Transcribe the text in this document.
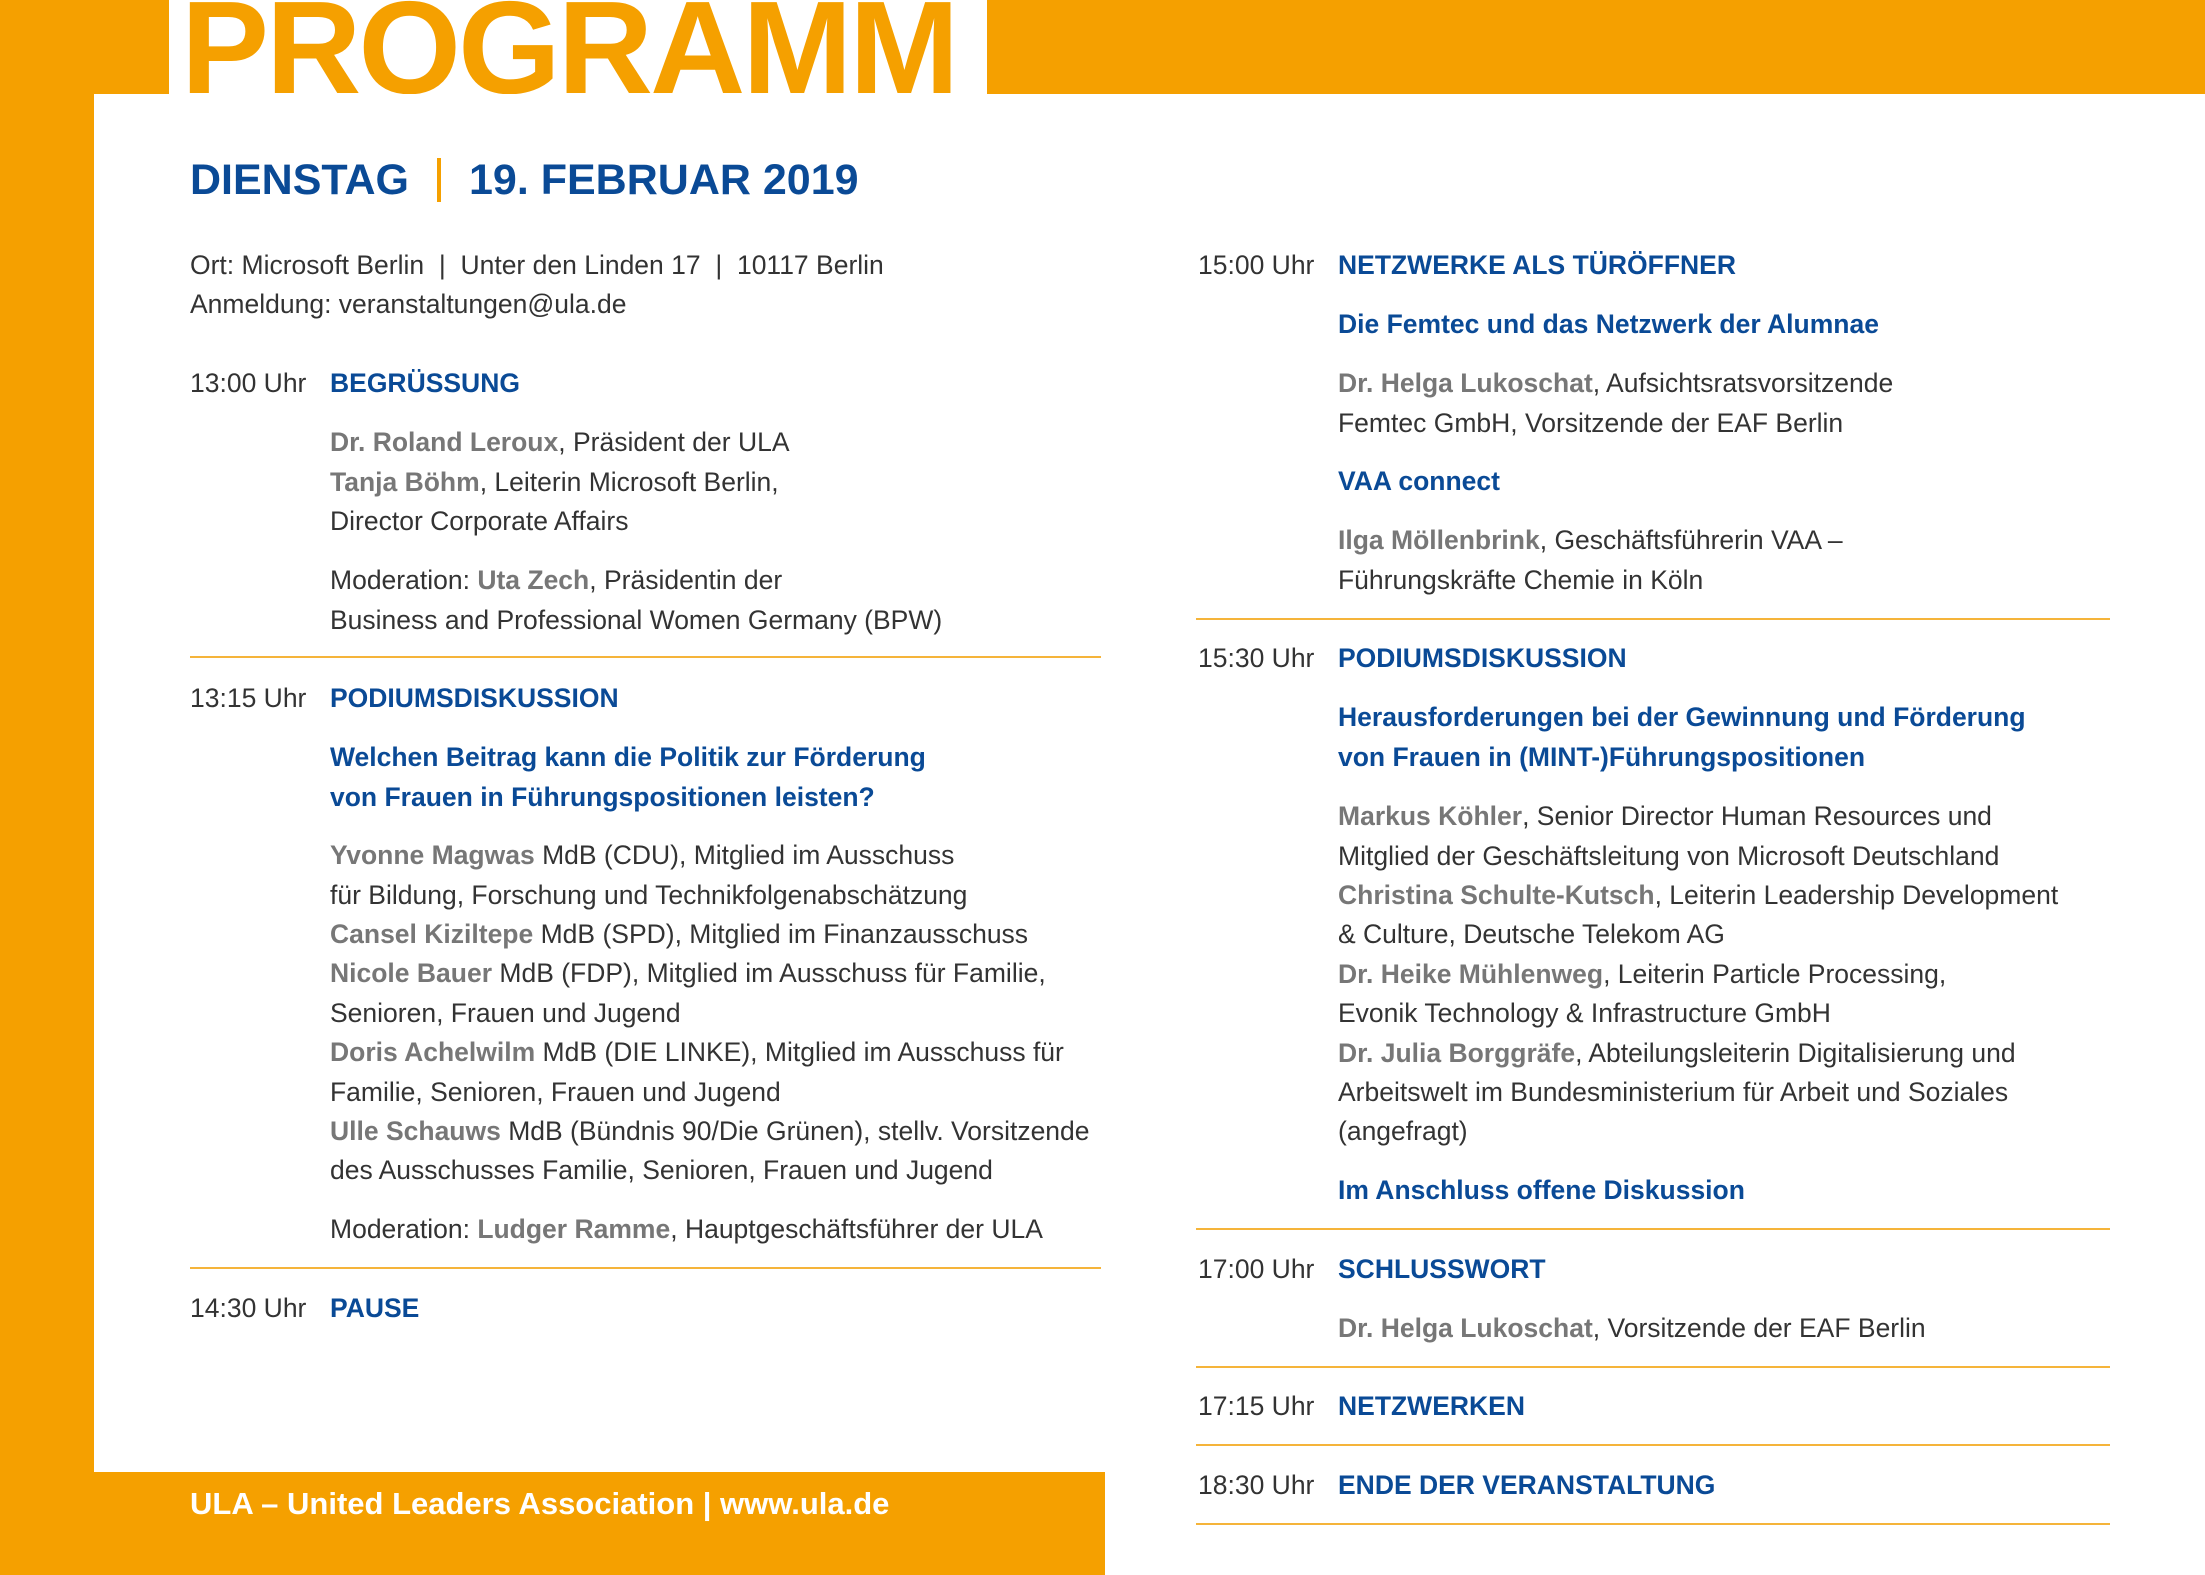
PROGRAMM
DIENSTAG 19. FEBRUAR 2019
Ort: Microsoft Berlin  |  Unter den Linden 17  |  10117 Berlin
Anmeldung: veranstaltungen@ula.de
13:00 Uhr BEGRÜSSUNG
Dr. Roland Leroux, Präsident der ULA
Tanja Böhm, Leiterin Microsoft Berlin,
Director Corporate Affairs
Moderation: Uta Zech, Präsidentin der
Business and Professional Women Germany (BPW)
13:15 Uhr PODIUMSDISKUSSION
Welchen Beitrag kann die Politik zur Förderung
von Frauen in Führungspositionen leisten?
Yvonne Magwas MdB (CDU), Mitglied im Ausschuss
für Bildung, Forschung und Technikfolgenabschätzung
Cansel Kiziltepe MdB (SPD), Mitglied im Finanzausschuss
Nicole Bauer MdB (FDP), Mitglied im Ausschuss für Familie,
Senioren, Frauen und Jugend
Doris Achelwilm MdB (DIE LINKE), Mitglied im Ausschuss für
Familie, Senioren, Frauen und Jugend
Ulle Schauws MdB (Bündnis 90/Die Grünen), stellv. Vorsitzende
des Ausschusses Familie, Senioren, Frauen und Jugend
Moderation: Ludger Ramme, Hauptgeschäftsführer der ULA
14:30 Uhr PAUSE
15:00 Uhr NETZWERKE ALS TÜRÖFFNER
Die Femtec und das Netzwerk der Alumnae
Dr. Helga Lukoschat, Aufsichtsratsvorsitzende
Femtec GmbH, Vorsitzende der EAF Berlin
VAA connect
Ilga Möllenbrink, Geschäftsführerin VAA –
Führungskräfte Chemie in Köln
15:30 Uhr PODIUMSDISKUSSION
Herausforderungen bei der Gewinnung und Förderung
von Frauen in (MINT-)Führungspositionen
Markus Köhler, Senior Director Human Resources und
Mitglied der Geschäftsleitung von Microsoft Deutschland
Christina Schulte-Kutsch, Leiterin Leadership Development
& Culture, Deutsche Telekom AG
Dr. Heike Mühlenweg, Leiterin Particle Processing,
Evonik Technology & Infrastructure GmbH
Dr. Julia Borggräfe, Abteilungsleiterin Digitalisierung und
Arbeitswelt im Bundesministerium für Arbeit und Soziales
(angefragt)
Im Anschluss offene Diskussion
17:00 Uhr SCHLUSSWORT
Dr. Helga Lukoschat, Vorsitzende der EAF Berlin
17:15 Uhr NETZWERKEN
18:30 Uhr ENDE DER VERANSTALTUNG
ULA – United Leaders Association | www.ula.de
